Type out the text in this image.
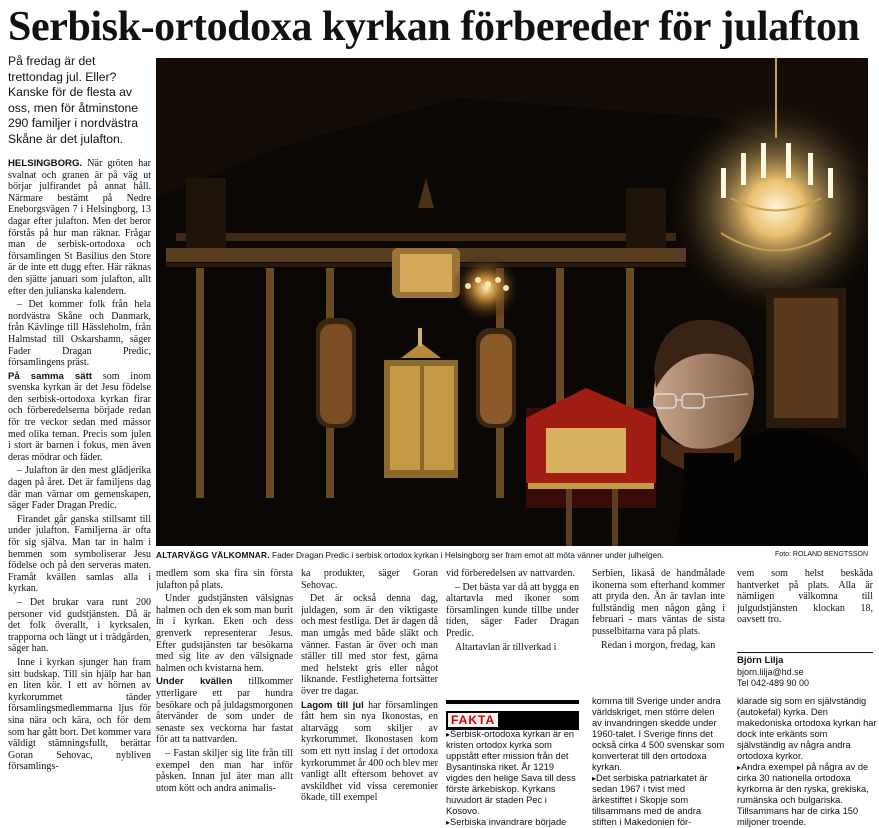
Serbisk-ortodoxa kyrkan förbereder för julafton

På fredag är det trettondag jul. Eller? Kanske för de flesta av oss, men för åtminstone 290 familjer i nordvästra Skåne är det julafton.

HELSINGBORG. När gröten har svalnat och granen är på väg ut börjar julfirandet på annat håll. Närmare bestämt på Nedre Eneborgsvägen 7 i Helsingborg, 13 dagar efter julafton. Men det beror förstås på hur man räknar. Frågar man de serbisk-ortodoxa och församlingen St Basilius den Store är de inte ett dugg efter. Här räknas den sjätte januari som julafton, allt efter den julianska kalendern.

– Det kommer folk från hela nordvästra Skåne och Danmark, från Kävlinge till Hässleholm, från Halmstad till Oskarshamn, säger Fader Dragan Predic, församlingens präst.

På samma sätt som inom svenska kyrkan är det Jesu födelse den serbisk-ortodoxa kyrkan firar och förberedelserna började redan för tre veckor sedan med mässor med olika teman. Precis som julen i stort är barnen i fokus, men även deras mödrar och fäder.

– Julafton är den mest glädjerika dagen på året. Det är familjens dag där man värnar om gemenskapen, säger Fader Dragan Predic.

Firandet går ganska stillsamt till under julafton. Familjerna är ofta för sig själva. Man tar in halm i hemmen som symboliserar Jesu födelse och på den serveras maten. Framåt kvällen samlas alla i kyrkan.

– Det brukar vara runt 200 personer vid gudstjänsten. Då är det folk överallt, i kyrksalen, trapporna och längt ut i trädgården, säger han.

Inne i kyrkan sjunger han fram sitt budskap. Till sin hjälp har han en liten kör. I ett av hörnen av kyrkorummet tänder församlingsmedlemmarna ljus för sina nära och kära, och för dem som har gått bort. Det kommer vara väldigt stämningsfullt, berättar Goran Sehovac, nybliven församlings-

ALTARVÄGG VÄLKOMNAR. Fader Dragan Predic i serbisk ortodox kyrkan i Helsingborg ser fram emot att möta vänner under julhelgen.	Foto: ROLAND BENGTSSON

medlem som ska fira sin första julafton på plats.

Under gudstjänsten välsignas halmen och den ek som man burit in i kyrkan. Eken och dess grenverk representerar Jesus. Efter gudstjänsten tar besökarna med sig lite av den välsignade halmen och kvistarna hem.

Under kvällen tillkommer ytterligare ett par hundra besökare och på juldagsmorgonen återvänder de som under de senaste sex veckorna har fastat för att ta nattvarden.

– Fastan skiljer sig lite från till exempel den man har inför påsken. Innan jul äter man allt utom kött och andra animalis-

ka produkter, säger Goran Sehovac.

Det är också denna dag, juldagen, som är den viktigaste och mest festliga. Det är dagen då man umgås med både släkt och vänner. Fastan är över och man ställer till med stor fest, gärna med helstekt gris eller något liknande. Festligheterna fortsätter över tre dagar.

Lagom till jul har församlingen fått hem sin nya Ikonostas, en altarvägg som skiljer av kyrkorummet. Ikonostasen kom som ett nytt inslag i det ortodoxa kyrkorummet år 400 och blev mer vanligt allt eftersom behovet av avskildhet vid vissa ceremonier ökade, till exempel

vid förberedelsen av nattvarden.

– Det bästa var då att bygga en altartavla med ikoner som församlingen kunde tillbe under tiden, säger Fader Dragan Predic.

Altartavlan är tillverkad i

Serbien, likaså de handmålade ikonerna som efterhand kommer att pryda den. Än är tavlan inte fullständig men någon gång i februari - mars väntas de sista pusselbitarna vara på plats.

Redan i morgon, fredag, kan

vem som helst beskåda hantverket på plats. Alla är nämligen välkomna till julgudstjänsten klockan 18, oavsett tro.

Björn Lilja
bjorn.lilja@hd.se
Tel 042-489 90 00
FAKTA

▸ Serbisk-ortodoxa kyrkan är en kristen ortodox kyrka som uppstått efter mission från det Bysantinska riket. År 1219 vigdes den helige Sava till dess förste ärkebiskop. Kyrkans huvudort är staden Pec i Kosovo.

▸ Serbiska invandrare började

komma till Sverige under andra världskriget, men större delen av invandringen skedde under 1960-talet. I Sverige finns det också cirka 4 500 svenskar som konverterat till den ortodoxa kyrkan.

▸ Det serbiska patriarkatet är sedan 1967 i tvist med ärkestiftet i Skopje som tillsammans med de andra stiften i Makedonien för-

klarade sig som en självständig (autokefal) kyrka. Den makedoniska ortodoxa kyrkan har dock inte erkänts som självständig av några andra ortodoxa kyrkor.

▸ Andra exempel på några av de cirka 30 nationella ortodoxa kyrkorna är den ryska, grekiska, rumänska och bulgariska. Tillsammans har de cirka 150 miljoner troende.
